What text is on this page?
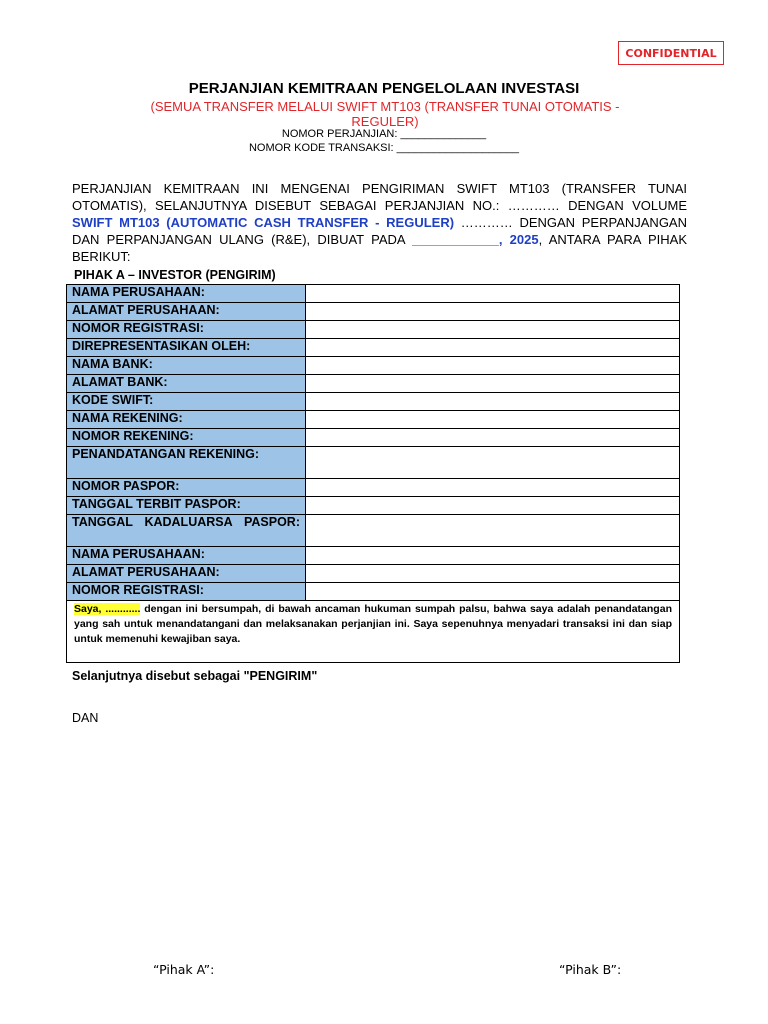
CONFIDENTIAL
PERJANJIAN KEMITRAAN PENGELOLAAN INVESTASI
(SEMUA TRANSFER MELALUI SWIFT MT103 (TRANSFER TUNAI OTOMATIS - REGULER)
NOMOR PERJANJIAN: ______________
NOMOR KODE TRANSAKSI: ____________________
PERJANJIAN KEMITRAAN INI MENGENAI PENGIRIMAN SWIFT MT103 (TRANSFER TUNAI OTOMATIS), SELANJUTNYA DISEBUT SEBAGAI PERJANJIAN NO.: ………… DENGAN VOLUME SWIFT MT103 (AUTOMATIC CASH TRANSFER - REGULER) ………… DENGAN PERPANJANGAN DAN PERPANJANGAN ULANG (R&E), DIBUAT PADA ____________, 2025, ANTARA PARA PIHAK BERIKUT:
PIHAK A – INVESTOR (PENGIRIM)
NAMA PERUSAHAAN:	
ALAMAT PERUSAHAAN:	
NOMOR REGISTRASI:	
DIREPRESENTASIKAN OLEH:	
NAMA BANK:	
ALAMAT BANK:	
KODE SWIFT:	
NAMA REKENING:	
NOMOR REKENING:	
PENANDATANGAN REKENING:	
NOMOR PASPOR:	
TANGGAL TERBIT PASPOR:	
TANGGAL KADALUARSA PASPOR:	
NAMA PERUSAHAAN:	
ALAMAT PERUSAHAAN:	
NOMOR REGISTRASI:	
Saya, ............ dengan ini bersumpah, di bawah ancaman hukuman sumpah palsu, bahwa saya adalah penandatangan yang sah untuk menandatangani dan melaksanakan perjanjian ini. Saya sepenuhnya menyadari transaksi ini dan siap untuk memenuhi kewajiban saya.	
Selanjutnya disebut sebagai "PENGIRIM"
DAN
“Pihak A”:	“Pihak B”:
